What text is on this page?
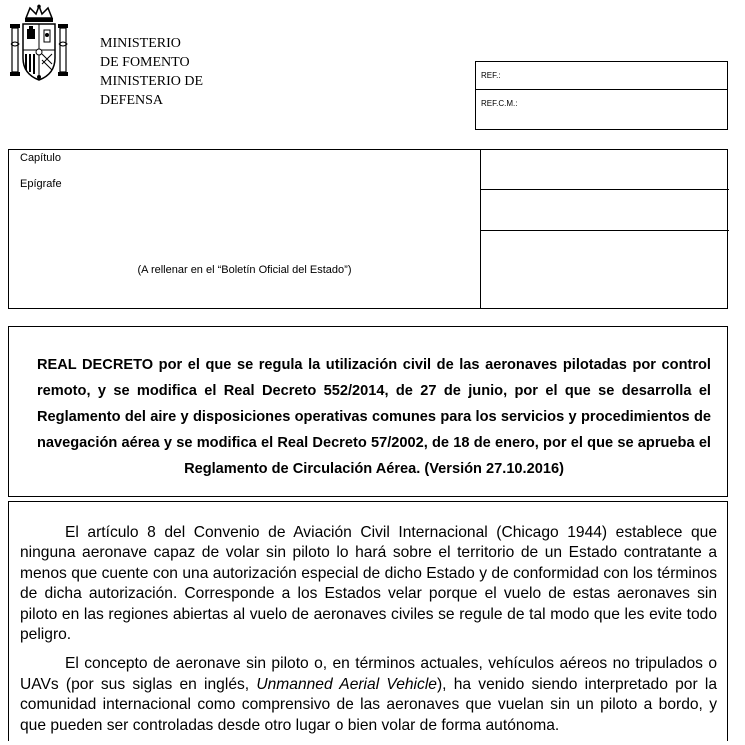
MINISTERIO
DE FOMENTO
MINISTERIO DE
DEFENSA
REF.:
REF.C.M.:
Capítulo
Epígrafe
(A rellenar en el “Boletín Oficial del Estado”)
REAL DECRETO por el que se regula la utilización civil de las aeronaves pilotadas por control remoto, y se modifica el Real Decreto 552/2014, de 27 de junio, por el que se desarrolla el Reglamento del aire y disposiciones operativas comunes para los servicios y procedimientos de navegación aérea y se modifica el Real Decreto 57/2002, de 18 de enero, por el que se aprueba el Reglamento de Circulación Aérea. (Versión 27.10.2016)

El artículo 8 del Convenio de Aviación Civil Internacional (Chicago 1944) establece que ninguna aeronave capaz de volar sin piloto lo hará sobre el territorio de un Estado contratante a menos que cuente con una autorización especial de dicho Estado y de conformidad con los términos de dicha autorización. Corresponde a los Estados velar porque el vuelo de estas aeronaves sin piloto en las regiones abiertas al vuelo de aeronaves civiles se regule de tal modo que les evite todo peligro.

El concepto de aeronave sin piloto o, en términos actuales, vehículos aéreos no tripulados o UAVs (por sus siglas en inglés, Unmanned Aerial Vehicle), ha venido siendo interpretado por la comunidad internacional como comprensivo de las aeronaves que vuelan sin un piloto a bordo, y que pueden ser controladas desde otro lugar o bien volar de forma autónoma.
